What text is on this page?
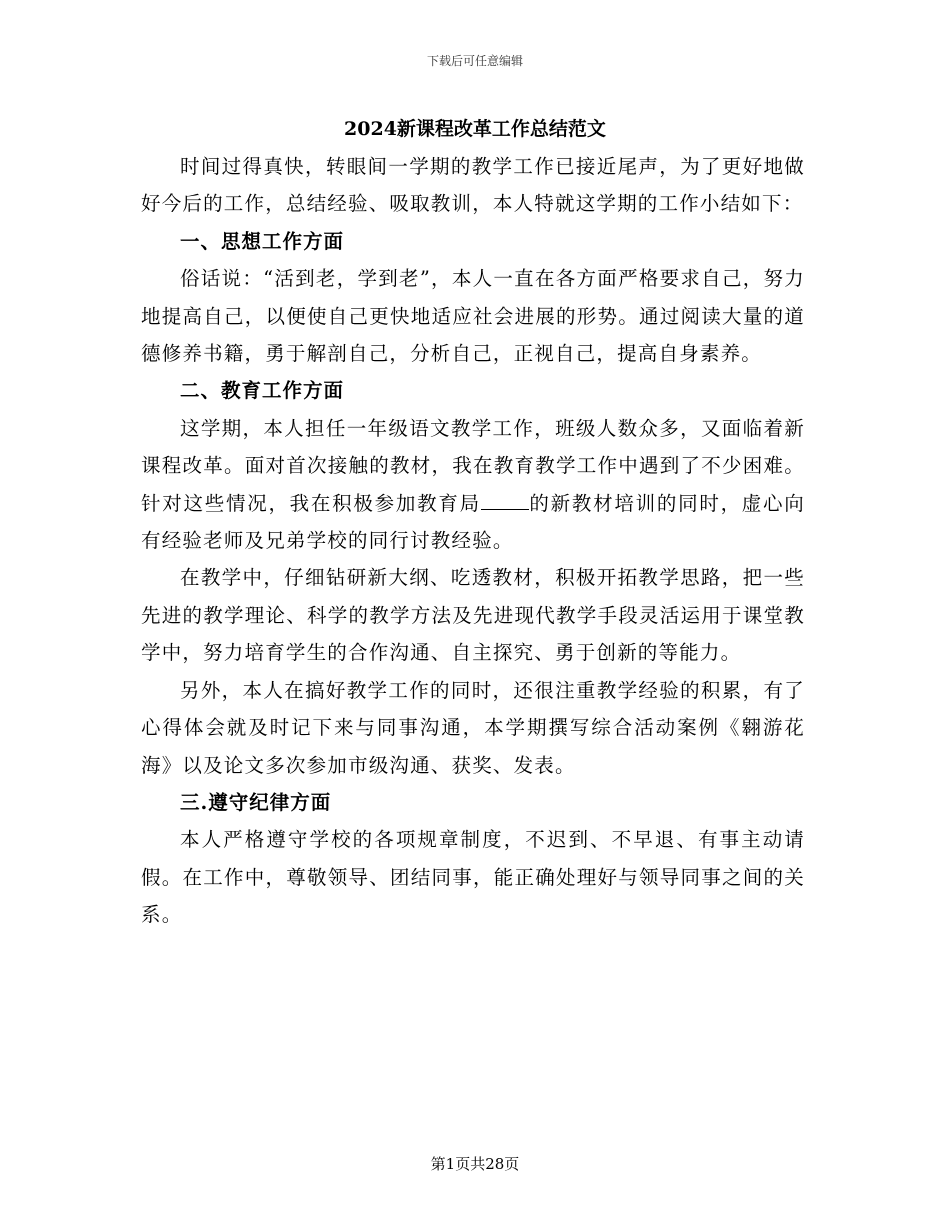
下载后可任意编辑
2024新课程改革工作总结范文

时间过得真快，转眼间一学期的教学工作已接近尾声，为了更好地做好今后的工作，总结经验、吸取教训，本人特就这学期的工作小结如下：

一、思想工作方面

俗话说：“活到老，学到老”，本人一直在各方面严格要求自己，努力地提高自己，以便使自己更快地适应社会进展的形势。通过阅读大量的道德修养书籍，勇于解剖自己，分析自己，正视自己，提高自身素养。

二、教育工作方面

这学期，本人担任一年级语文教学工作，班级人数众多，又面临着新课程改革。面对首次接触的教材，我在教育教学工作中遇到了不少困难。针对这些情况，我在积极参加教育局 的新教材培训的同时，虚心向有经验老师及兄弟学校的同行讨教经验。

在教学中，仔细钻研新大纲、吃透教材，积极开拓教学思路，把一些先进的教学理论、科学的教学方法及先进现代教学手段灵活运用于课堂教学中，努力培育学生的合作沟通、自主探究、勇于创新的等能力。

另外，本人在搞好教学工作的同时，还很注重教学经验的积累，有了心得体会就及时记下来与同事沟通，本学期撰写综合活动案例《翱游花海》以及论文多次参加市级沟通、获奖、发表。

三.遵守纪律方面

本人严格遵守学校的各项规章制度，不迟到、不早退、有事主动请假。在工作中，尊敬领导、团结同事，能正确处理好与领导同事之间的关系。

第1页共28页
